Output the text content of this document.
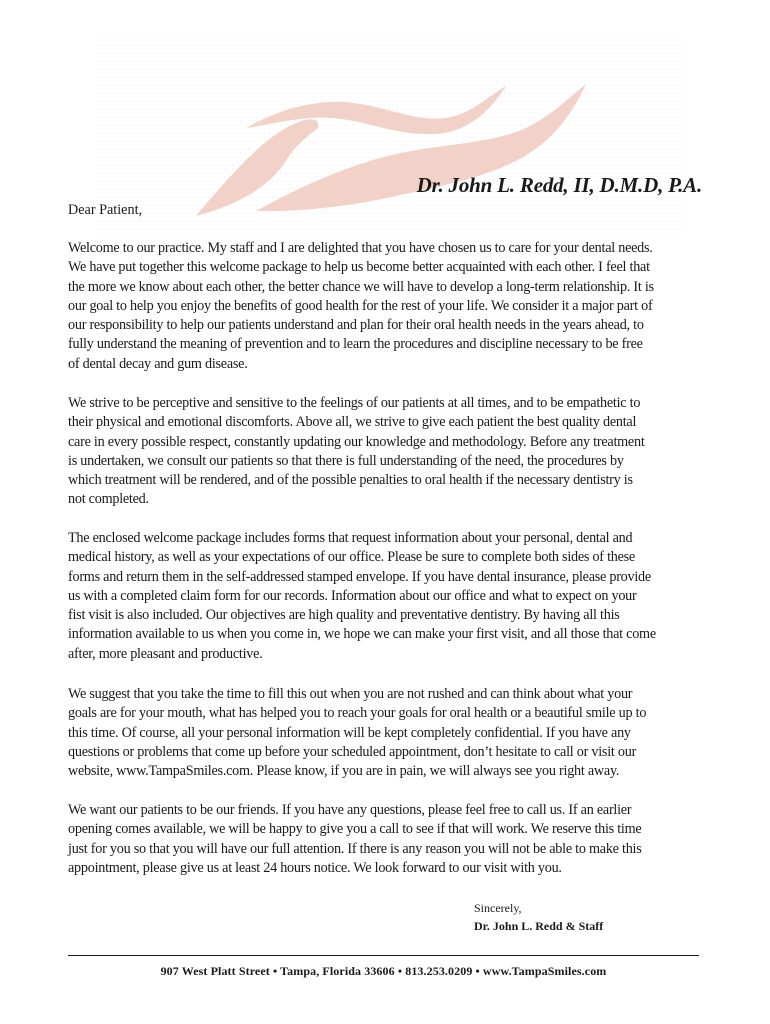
Dr. John L. Redd, II, D.M.D, P.A.

Dear Patient,

Welcome to our practice. My staff and I are delighted that you have chosen us to care for your dental needs.
We have put together this welcome package to help us become better acquainted with each other. I feel that
the more we know about each other, the better chance we will have to develop a long-term relationship. It is
our goal to help you enjoy the benefits of good health for the rest of your life. We consider it a major part of
our responsibility to help our patients understand and plan for their oral health needs in the years ahead, to
fully understand the meaning of prevention and to learn the procedures and discipline necessary to be free
of dental decay and gum disease.
We strive to be perceptive and sensitive to the feelings of our patients at all times, and to be empathetic to
their physical and emotional discomforts. Above all, we strive to give each patient the best quality dental
care in every possible respect, constantly updating our knowledge and methodology. Before any treatment
is undertaken, we consult our patients so that there is full understanding of the need, the procedures by
which treatment will be rendered, and of the possible penalties to oral health if the necessary dentistry is
not completed.
The enclosed welcome package includes forms that request information about your personal, dental and
medical history, as well as your expectations of our office. Please be sure to complete both sides of these
forms and return them in the self-addressed stamped envelope. If you have dental insurance, please provide
us with a completed claim form for our records. Information about our office and what to expect on your
fist visit is also included. Our objectives are high quality and preventative dentistry. By having all this
information available to us when you come in, we hope we can make your first visit, and all those that come
after, more pleasant and productive.
We suggest that you take the time to fill this out when you are not rushed and can think about what your
goals are for your mouth, what has helped you to reach your goals for oral health or a beautiful smile up to
this time. Of course, all your personal information will be kept completely confidential. If you have any
questions or problems that come up before your scheduled appointment, don’t hesitate to call or visit our
website, www.TampaSmiles.com. Please know, if you are in pain, we will always see you right away.
We want our patients to be our friends. If you have any questions, please feel free to call us. If an earlier
opening comes available, we will be happy to give you a call to see if that will work. We reserve this time
just for you so that you will have our full attention. If there is any reason you will not be able to make this
appointment, please give us at least 24 hours notice. We look forward to our visit with you.
Sincerely,
Dr. John L. Redd & Staff
907 West Platt Street • Tampa, Florida 33606 • 813.253.0209 • www.TampaSmiles.com
